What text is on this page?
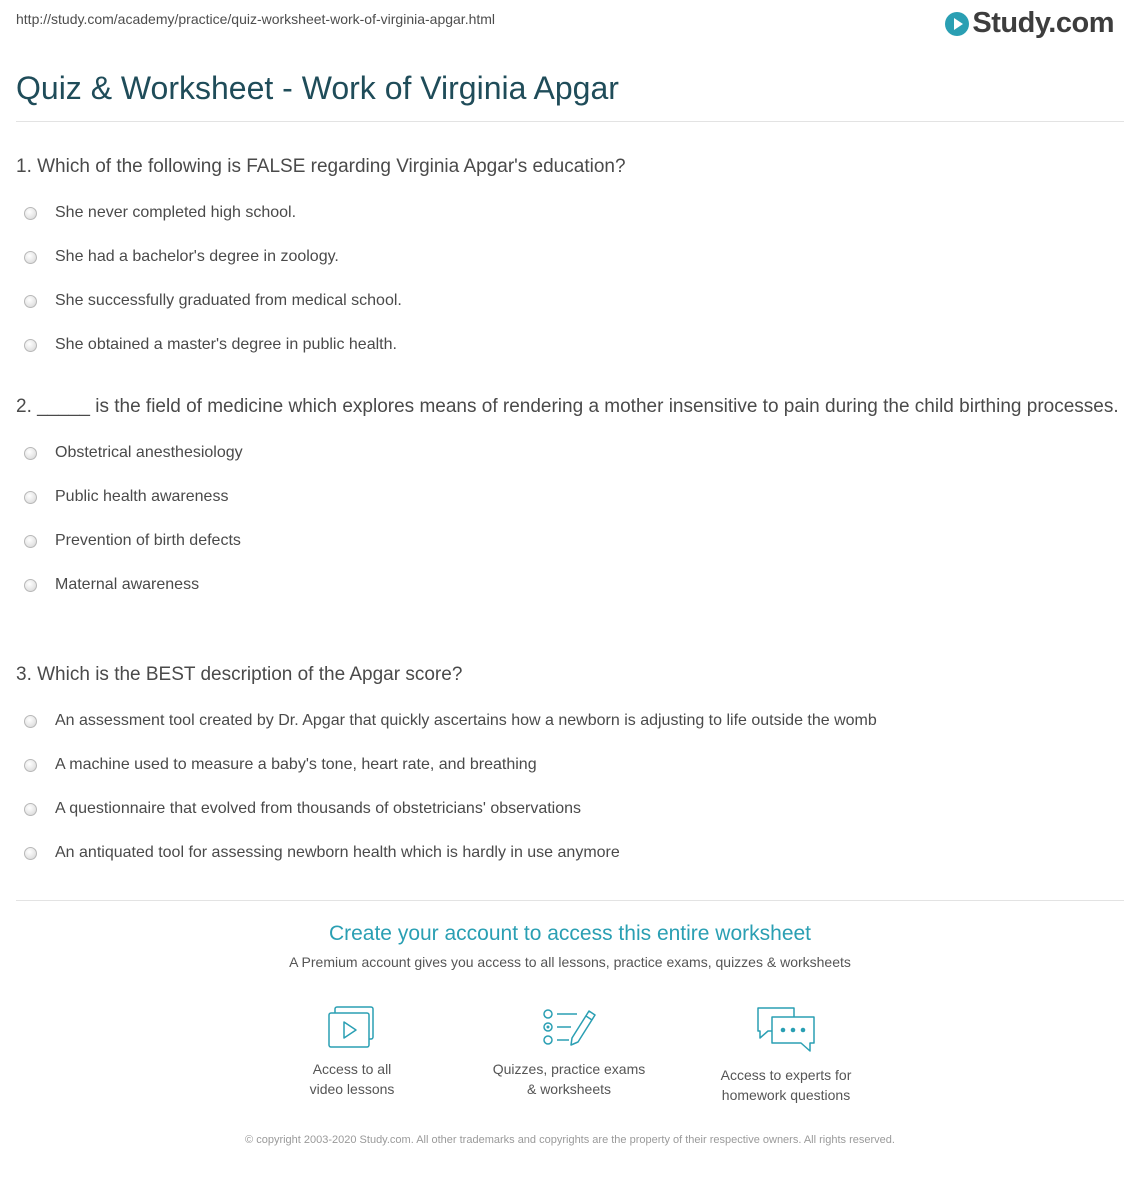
http://study.com/academy/practice/quiz-worksheet-work-of-virginia-apgar.html	Study.com
Quiz & Worksheet - Work of Virginia Apgar

1. Which of the following is FALSE regarding Virginia Apgar's education?

She never completed high school.
She had a bachelor's degree in zoology.
She successfully graduated from medical school.
She obtained a master's degree in public health.

2. _____ is the field of medicine which explores means of rendering a mother insensitive to pain during the child birthing processes.

Obstetrical anesthesiology
Public health awareness
Prevention of birth defects
Maternal awareness

3. Which is the BEST description of the Apgar score?

An assessment tool created by Dr. Apgar that quickly ascertains how a newborn is adjusting to life outside the womb
A machine used to measure a baby's tone, heart rate, and breathing
A questionnaire that evolved from thousands of obstetricians' observations
An antiquated tool for assessing newborn health which is hardly in use anymore
Create your account to access this entire worksheet
A Premium account gives you access to all lessons, practice exams, quizzes & worksheets
Access to all
video lessons
Quizzes, practice exams
& worksheets
Access to experts for
homework questions
© copyright 2003-2020 Study.com. All other trademarks and copyrights are the property of their respective owners. All rights reserved.
